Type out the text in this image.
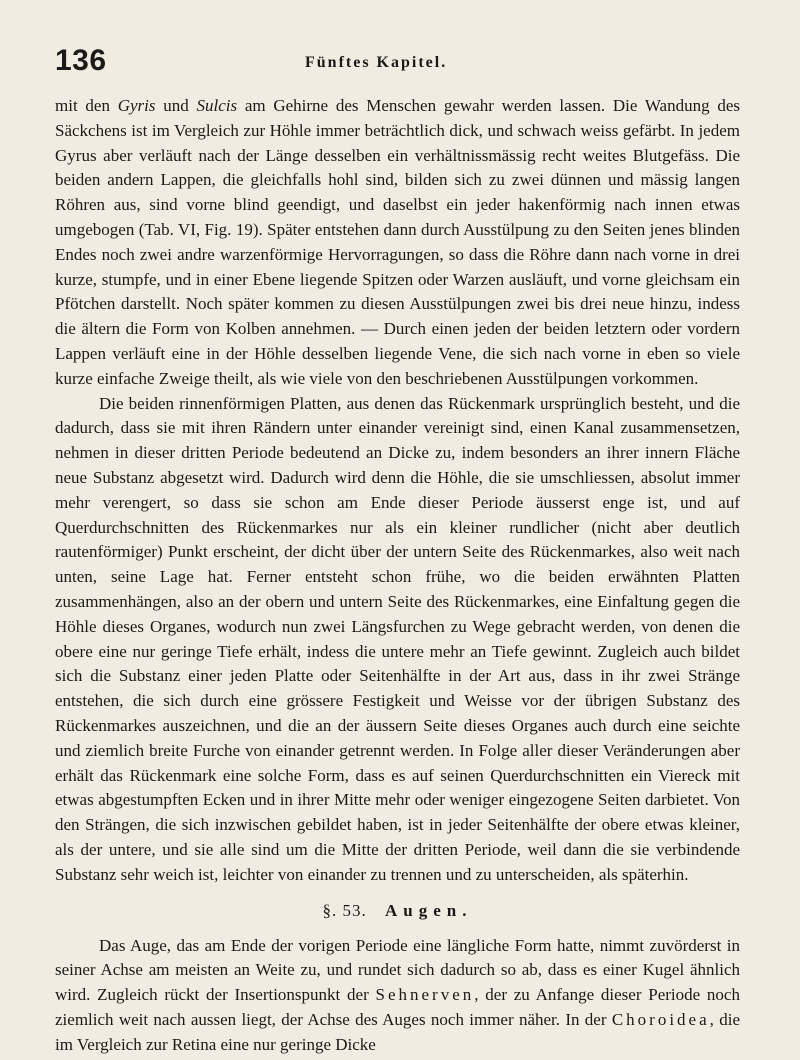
136	Fünftes Kapitel.

mit den Gyris und Sulcis am Gehirne des Menschen gewahr werden lassen. Die Wandung des Säckchens ist im Vergleich zur Höhle immer beträchtlich dick, und schwach weiss gefärbt. In jedem Gyrus aber verläuft nach der Länge desselben ein verhältnissmässig recht weites Blutgefäss. Die beiden andern Lappen, die gleichfalls hohl sind, bilden sich zu zwei dünnen und mässig langen Röhren aus, sind vorne blind geendigt, und daselbst ein jeder hakenförmig nach innen etwas umgebogen (Tab. VI, Fig. 19). Später entstehen dann durch Ausstülpung zu den Seiten jenes blinden Endes noch zwei andre warzenförmige Hervorragungen, so dass die Röhre dann nach vorne in drei kurze, stumpfe, und in einer Ebene liegende Spitzen oder Warzen ausläuft, und vorne gleichsam ein Pfötchen darstellt. Noch später kommen zu diesen Ausstülpungen zwei bis drei neue hinzu, indess die ältern die Form von Kolben annehmen. — Durch einen jeden der beiden letztern oder vordern Lappen verläuft eine in der Höhle desselben liegende Vene, die sich nach vorne in eben so viele kurze einfache Zweige theilt, als wie viele von den beschriebenen Ausstülpungen vorkommen.

Die beiden rinnenförmigen Platten, aus denen das Rückenmark ursprünglich besteht, und die dadurch, dass sie mit ihren Rändern unter einander vereinigt sind, einen Kanal zusammensetzen, nehmen in dieser dritten Periode bedeutend an Dicke zu, indem besonders an ihrer innern Fläche neue Substanz abgesetzt wird. Dadurch wird denn die Höhle, die sie umschliessen, absolut immer mehr verengert, so dass sie schon am Ende dieser Periode äusserst enge ist, und auf Querdurchschnitten des Rückenmarkes nur als ein kleiner rundlicher (nicht aber deutlich rautenförmiger) Punkt erscheint, der dicht über der untern Seite des Rückenmarkes, also weit nach unten, seine Lage hat. Ferner entsteht schon frühe, wo die beiden erwähnten Platten zusammenhängen, also an der obern und untern Seite des Rückenmarkes, eine Einfaltung gegen die Höhle dieses Organes, wodurch nun zwei Längsfurchen zu Wege gebracht werden, von denen die obere eine nur geringe Tiefe erhält, indess die untere mehr an Tiefe gewinnt. Zugleich auch bildet sich die Substanz einer jeden Platte oder Seitenhälfte in der Art aus, dass in ihr zwei Stränge entstehen, die sich durch eine grössere Festigkeit und Weisse vor der übrigen Substanz des Rückenmarkes auszeichnen, und die an der äussern Seite dieses Organes auch durch eine seichte und ziemlich breite Furche von einander getrennt werden. In Folge aller dieser Veränderungen aber erhält das Rückenmark eine solche Form, dass es auf seinen Querdurchschnitten ein Viereck mit etwas abgestumpften Ecken und in ihrer Mitte mehr oder weniger eingezogene Seiten darbietet. Von den Strängen, die sich inzwischen gebildet haben, ist in jeder Seitenhälfte der obere etwas kleiner, als der untere, und sie alle sind um die Mitte der dritten Periode, weil dann die sie verbindende Substanz sehr weich ist, leichter von einander zu trennen und zu unterscheiden, als späterhin.

§. 53. Augen.

Das Auge, das am Ende der vorigen Periode eine längliche Form hatte, nimmt zuvörderst in seiner Achse am meisten an Weite zu, und rundet sich dadurch so ab, dass es einer Kugel ähnlich wird. Zugleich rückt der Insertionspunkt der Sehnerven, der zu Anfange dieser Periode noch ziemlich weit nach aussen liegt, der Achse des Auges noch immer näher. In der Choroidea, die im Vergleich zur Retina eine nur geringe Dicke
